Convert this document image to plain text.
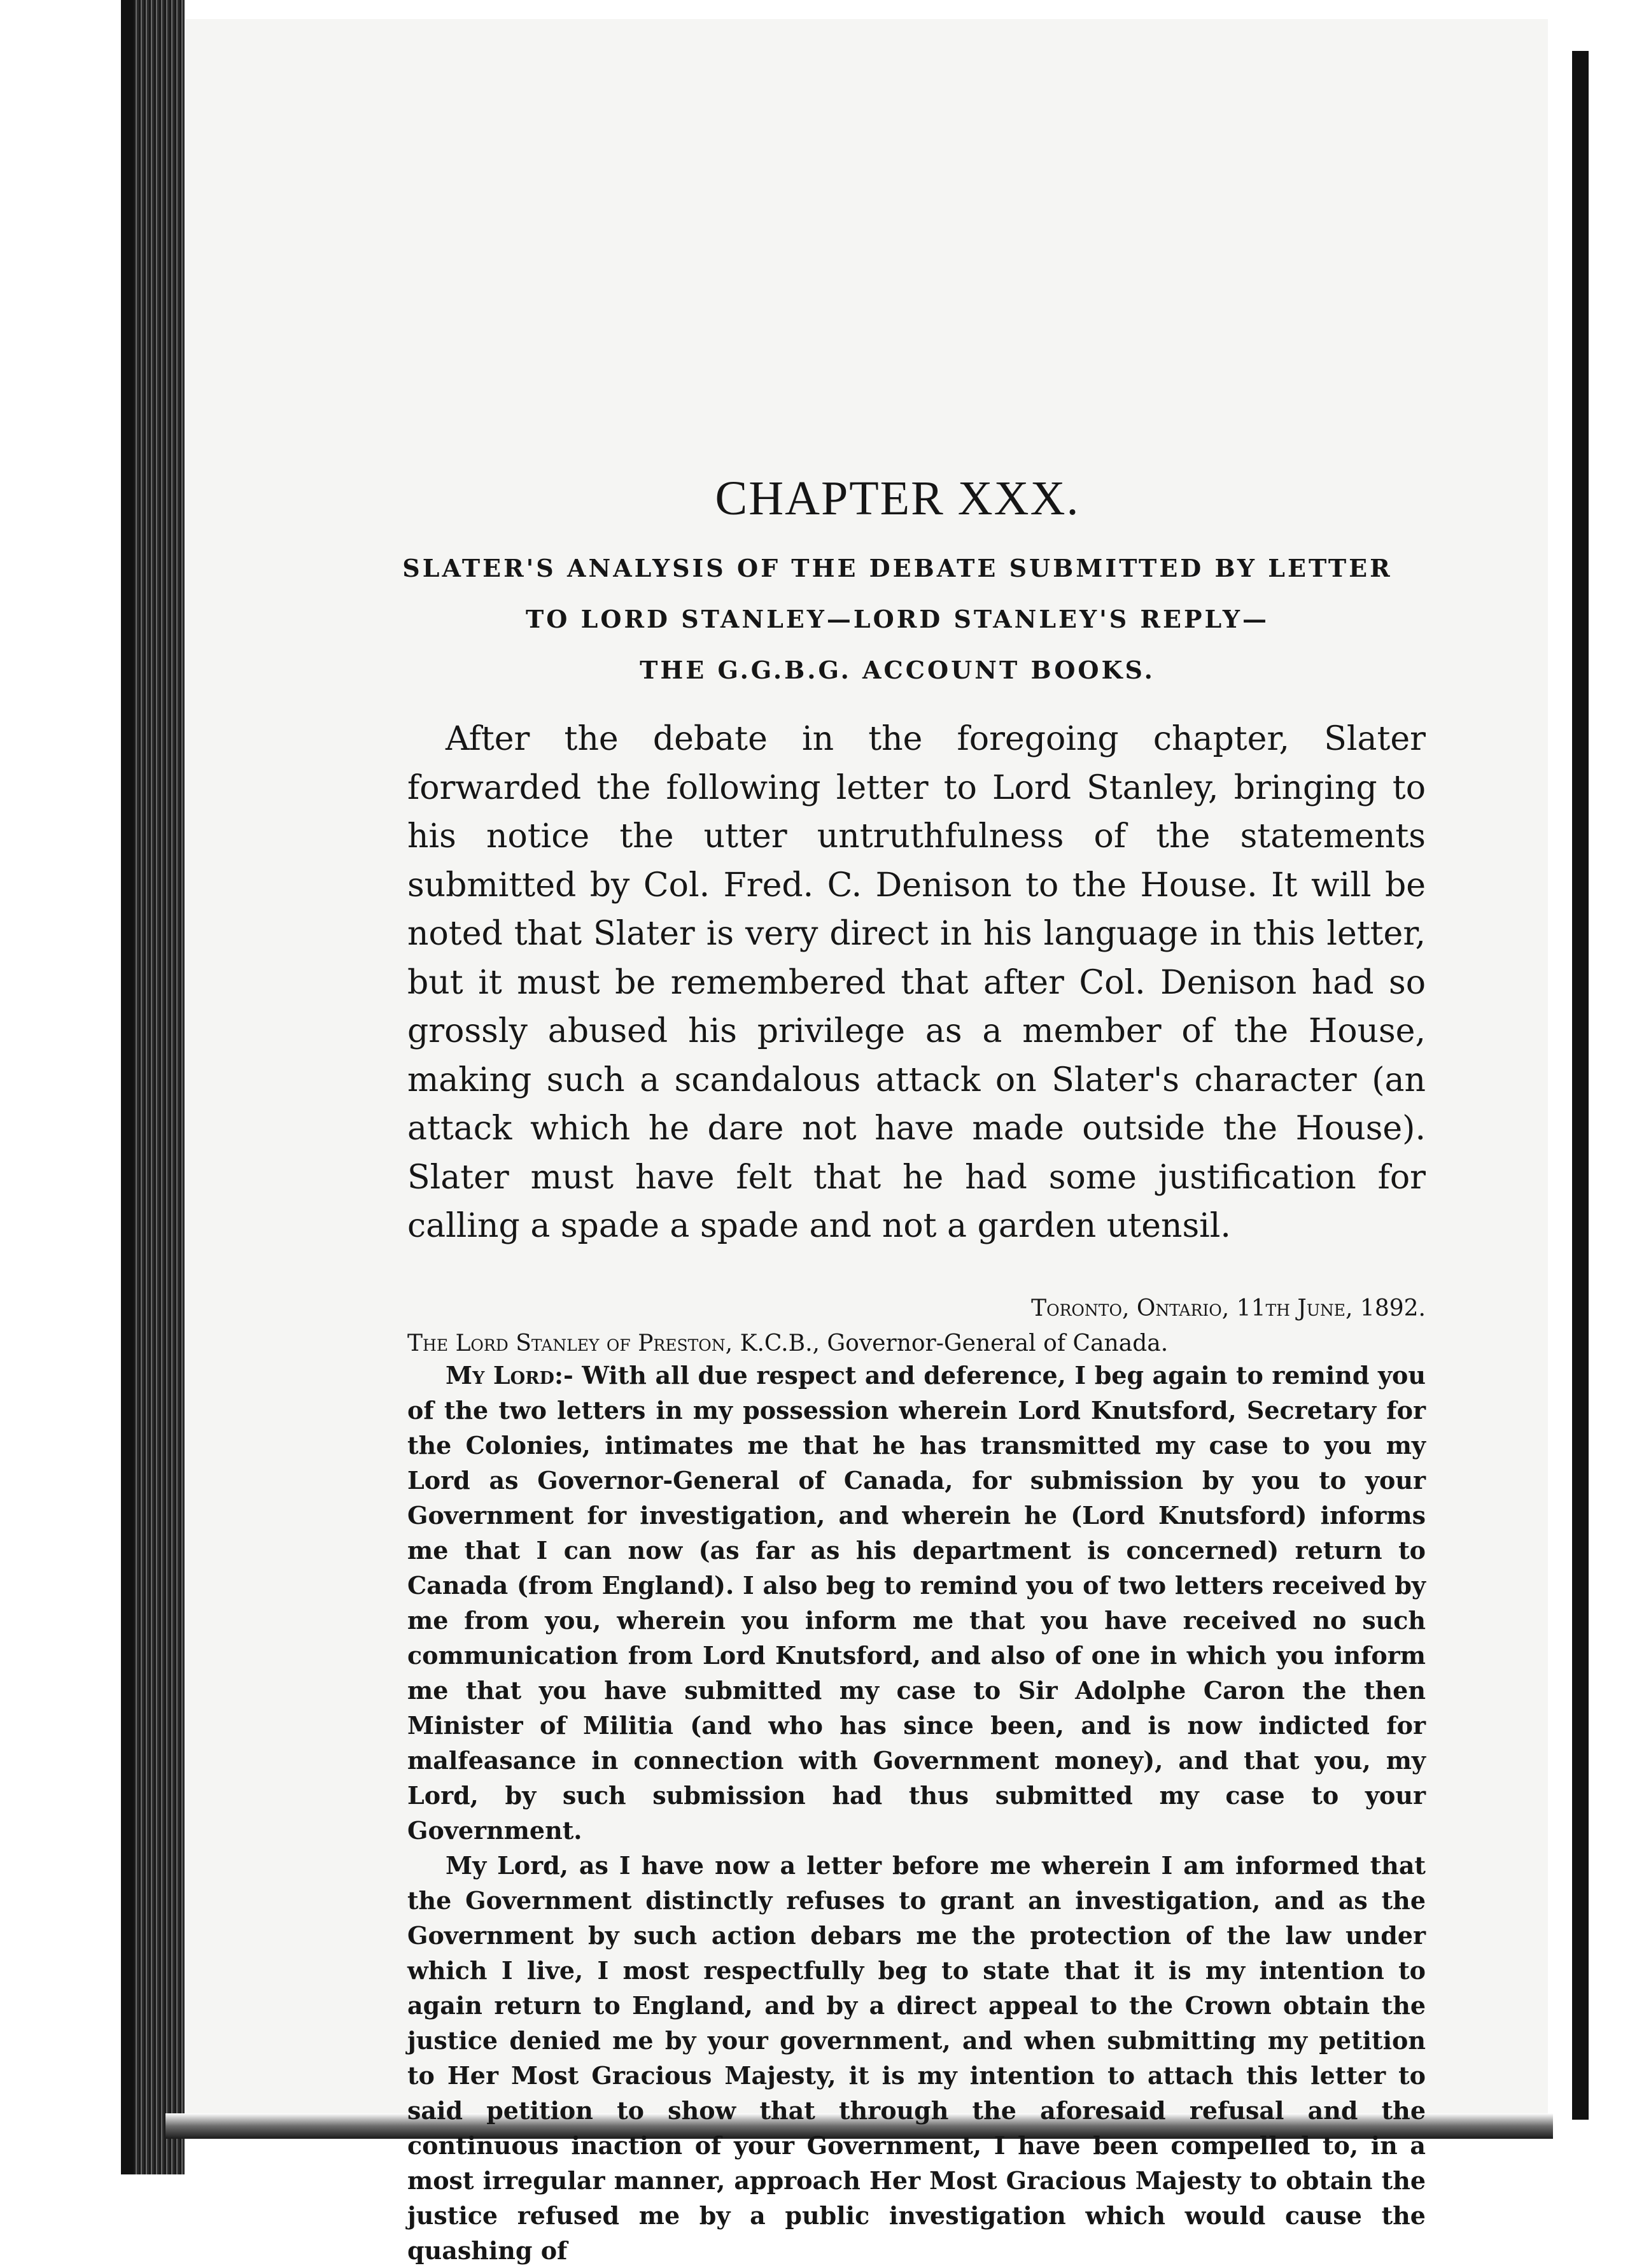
CHAPTER XXX.
SLATER'S ANALYSIS OF THE DEBATE SUBMITTED BY LETTER
TO LORD STANLEY—LORD STANLEY'S REPLY—
THE G.G.B.G. ACCOUNT BOOKS.

After the debate in the foregoing chapter, Slater forwarded the following letter to Lord Stanley, bringing to his notice the utter untruthfulness of the statements submitted by Col. Fred. C. Denison to the House. It will be noted that Slater is very direct in his language in this letter, but it must be remembered that after Col. Denison had so grossly abused his privilege as a member of the House, making such a scandalous attack on Slater's character (an attack which he dare not have made outside the House). Slater must have felt that he had some justification for calling a spade a spade and not a garden utensil.

Toronto, Ontario, 11th June, 1892.
The Lord Stanley of Preston, K.C.B., Governor-General of Canada.

My Lord:- With all due respect and deference, I beg again to remind you of the two letters in my possession wherein Lord Knutsford, Secretary for the Colonies, intimates me that he has transmitted my case to you my Lord as Governor-General of Canada, for submission by you to your Government for investigation, and wherein he (Lord Knutsford) informs me that I can now (as far as his department is concerned) return to Canada (from England). I also beg to remind you of two letters received by me from you, wherein you inform me that you have received no such communication from Lord Knutsford, and also of one in which you inform me that you have submitted my case to Sir Adolphe Caron the then Minister of Militia (and who has since been, and is now indicted for malfeasance in connection with Government money), and that you, my Lord, by such submission had thus submitted my case to your Government.

My Lord, as I have now a letter before me wherein I am informed that the Government distinctly refuses to grant an investigation, and as the Government by such action debars me the protection of the law under which I live, I most respectfully beg to state that it is my intention to again return to England, and by a direct appeal to the Crown obtain the justice denied me by your government, and when submitting my petition to Her Most Gracious Majesty, it is my intention to attach this letter to said petition to show that through the aforesaid refusal and the continuous inaction of your Government, I have been compelled to, in a most irregular manner, approach Her Most Gracious Majesty to obtain the justice refused me by a public investigation which would cause the quashing of
